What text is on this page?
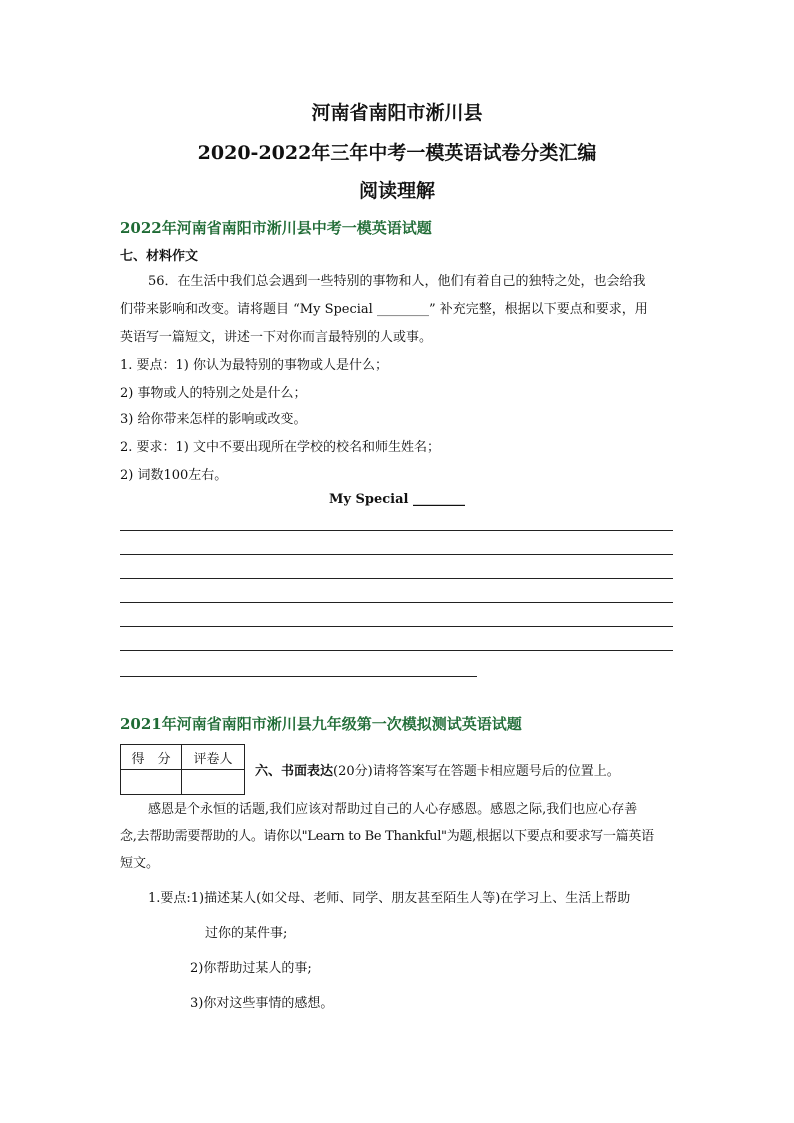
河南省南阳市淅川县
2020-2022年三年中考一模英语试卷分类汇编
阅读理解
2022年河南省南阳市淅川县中考一模英语试题
七、材料作文
56．在生活中我们总会遇到一些特别的事物和人，他们有着自己的独特之处，也会给我
们带来影响和改变。请将题目 “My Special ________” 补充完整，根据以下要点和要求，用
英语写一篇短文，讲述一下对你而言最特别的人或事。
1. 要点：1) 你认为最特别的事物或人是什么；
2) 事物或人的特别之处是什么；
3) 给你带来怎样的影响或改变。
2. 要求：1) 文中不要出现所在学校的校名和师生姓名；
2) 词数100左右。
My Special ________
2021年河南省南阳市淅川县九年级第一次模拟测试英语试题
得　分	评卷人

六、书面表达(20分)请将答案写在答题卡相应题号后的位置上。
感恩是个永恒的话题,我们应该对帮助过自己的人心存感恩。感恩之际,我们也应心存善
念,去帮助需要帮助的人。请你以"Learn to Be Thankful"为题,根据以下要点和要求写一篇英语
短文。
1.要点:1)描述某人(如父母、老师、同学、朋友甚至陌生人等)在学习上、生活上帮助
过你的某件事;
2)你帮助过某人的事;
3)你对这些事情的感想。
